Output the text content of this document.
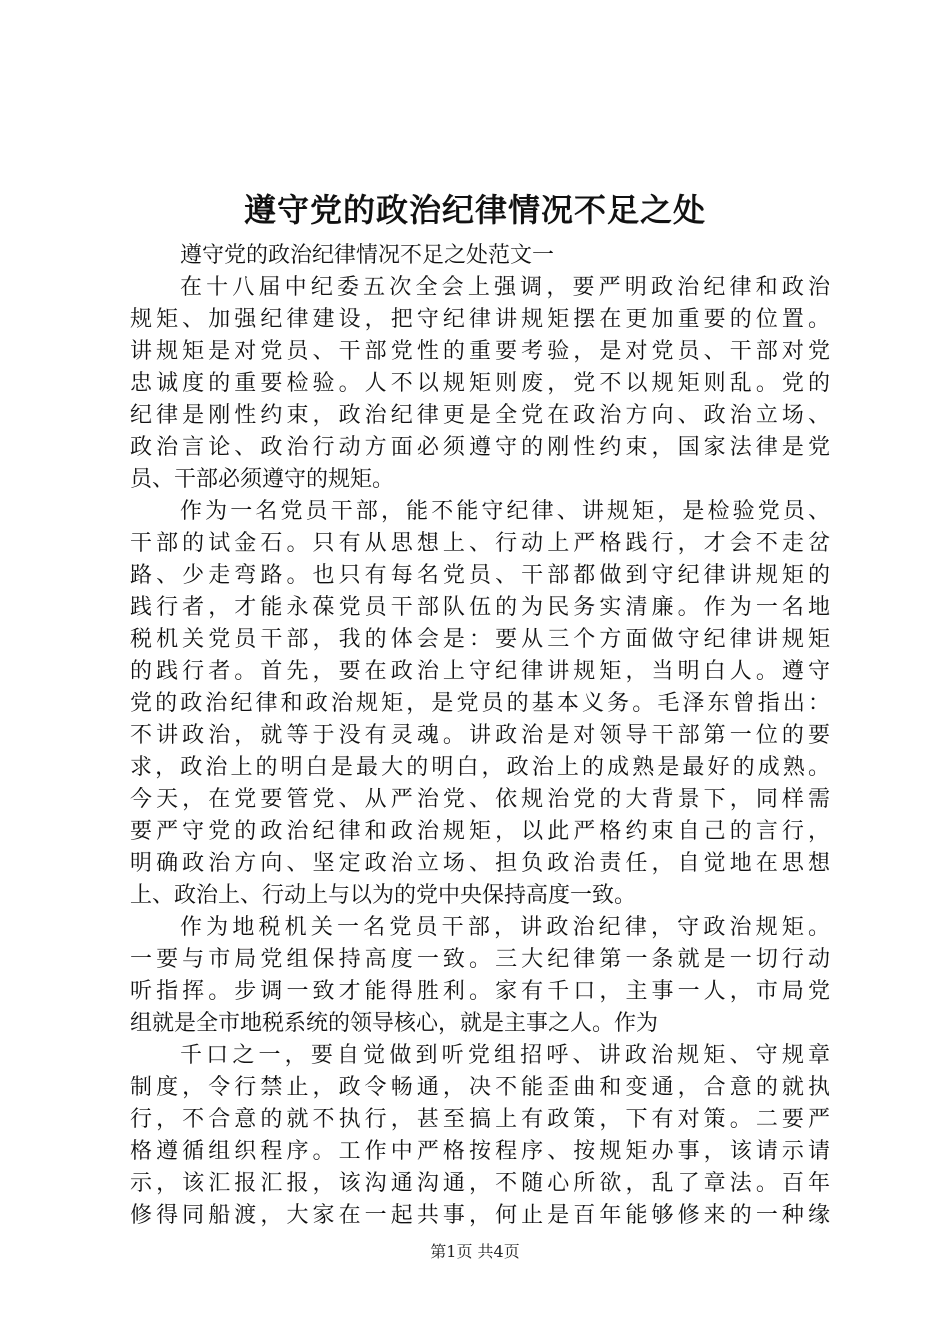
遵守党的政治纪律情况不足之处

遵守党的政治纪律情况不足之处范文一

在十八届中纪委五次全会上强调，要严明政治纪律和政治

规矩、加强纪律建设，把守纪律讲规矩摆在更加重要的位置。

讲规矩是对党员、干部党性的重要考验，是对党员、干部对党

忠诚度的重要检验。人不以规矩则废，党不以规矩则乱。党的

纪律是刚性约束，政治纪律更是全党在政治方向、政治立场、

政治言论、政治行动方面必须遵守的刚性约束，国家法律是党

员、干部必须遵守的规矩。

作为一名党员干部，能不能守纪律、讲规矩，是检验党员、

干部的试金石。只有从思想上、行动上严格践行，才会不走岔

路、少走弯路。也只有每名党员、干部都做到守纪律讲规矩的

践行者，才能永葆党员干部队伍的为民务实清廉。作为一名地

税机关党员干部，我的体会是：要从三个方面做守纪律讲规矩

的践行者。首先，要在政治上守纪律讲规矩，当明白人。遵守

党的政治纪律和政治规矩，是党员的基本义务。毛泽东曾指出：

不讲政治，就等于没有灵魂。讲政治是对领导干部第一位的要

求，政治上的明白是最大的明白，政治上的成熟是最好的成熟。

今天，在党要管党、从严治党、依规治党的大背景下，同样需

要严守党的政治纪律和政治规矩，以此严格约束自己的言行，

明确政治方向、坚定政治立场、担负政治责任，自觉地在思想

上、政治上、行动上与以为的党中央保持高度一致。

作为地税机关一名党员干部，讲政治纪律，守政治规矩。

一要与市局党组保持高度一致。三大纪律第一条就是一切行动

听指挥。步调一致才能得胜利。家有千口，主事一人，市局党

组就是全市地税系统的领导核心，就是主事之人。作为

千口之一，要自觉做到听党组招呼、讲政治规矩、守规章

制度，令行禁止，政令畅通，决不能歪曲和变通，合意的就执

行，不合意的就不执行，甚至搞上有政策，下有对策。二要严

格遵循组织程序。工作中严格按程序、按规矩办事，该请示请

示，该汇报汇报，该沟通沟通，不随心所欲，乱了章法。百年

修得同船渡，大家在一起共事，何止是百年能够修来的一种缘

第1页 共4页
